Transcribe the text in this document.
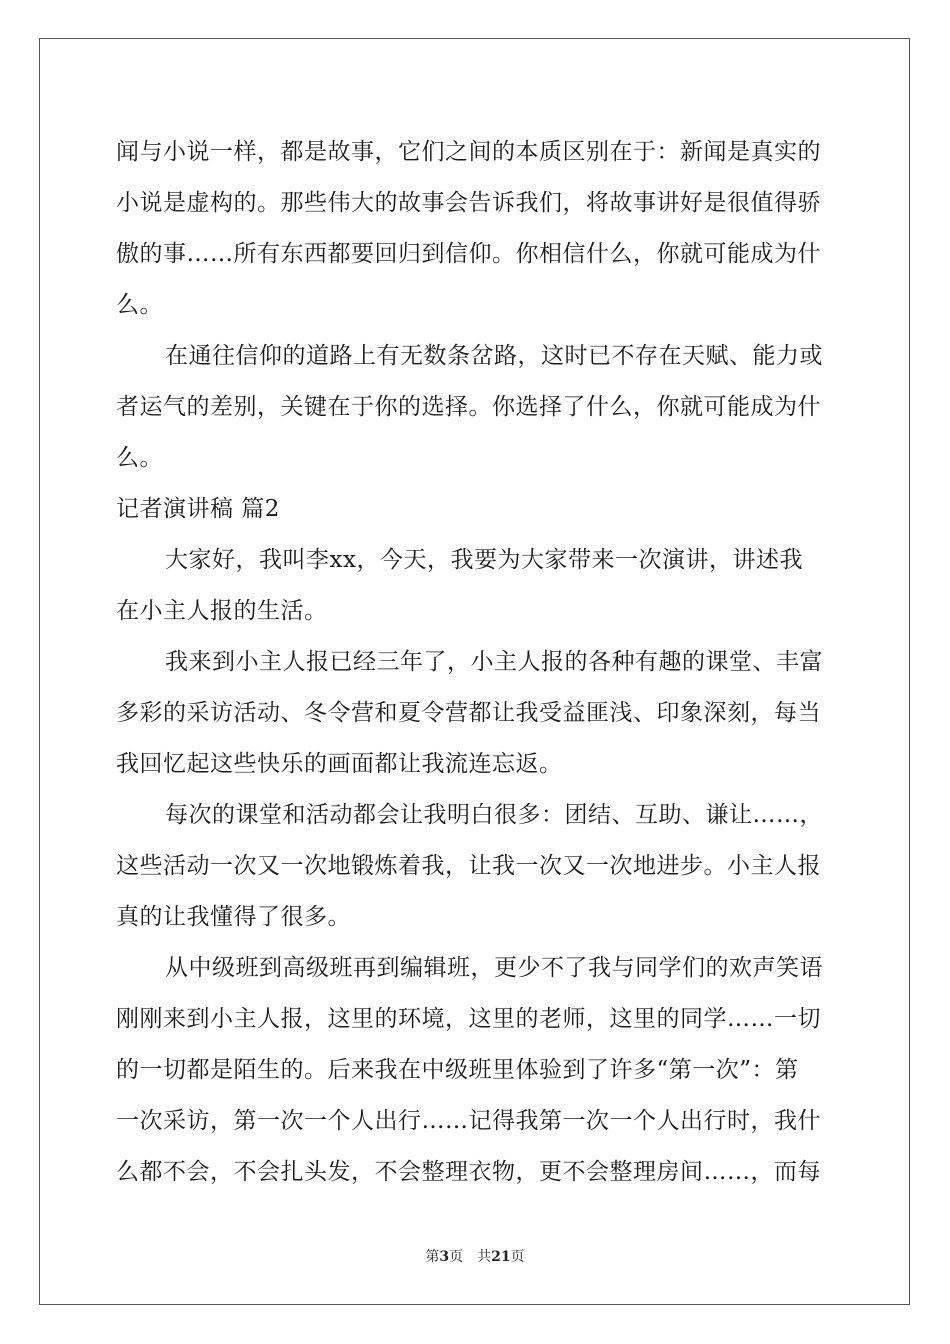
闻与小说一样，都是故事，它们之间的本质区别在于：新闻是真实的
小说是虚构的。那些伟大的故事会告诉我们，将故事讲好是很值得骄
傲的事……所有东西都要回归到信仰。你相信什么，你就可能成为什
么。

在通往信仰的道路上有无数条岔路，这时已不存在天赋、能力或
者运气的差别，关键在于你的选择。你选择了什么，你就可能成为什
么。

记者演讲稿 篇2

大家好，我叫李xx，今天，我要为大家带来一次演讲，讲述我
在小主人报的生活。

我来到小主人报已经三年了，小主人报的各种有趣的课堂、丰富
多彩的采访活动、冬令营和夏令营都让我受益匪浅、印象深刻，每当
我回忆起这些快乐的画面都让我流连忘返。

每次的课堂和活动都会让我明白很多：团结、互助、谦让……，
这些活动一次又一次地锻炼着我，让我一次又一次地进步。小主人报
真的让我懂得了很多。

从中级班到高级班再到编辑班，更少不了我与同学们的欢声笑语
刚刚来到小主人报，这里的环境，这里的老师，这里的同学……一切
的一切都是陌生的。后来我在中级班里体验到了许多“第一次”：第
一次采访，第一次一个人出行……记得我第一次一个人出行时，我什
么都不会，不会扎头发，不会整理衣物，更不会整理房间……，而每

第3页 共21页
